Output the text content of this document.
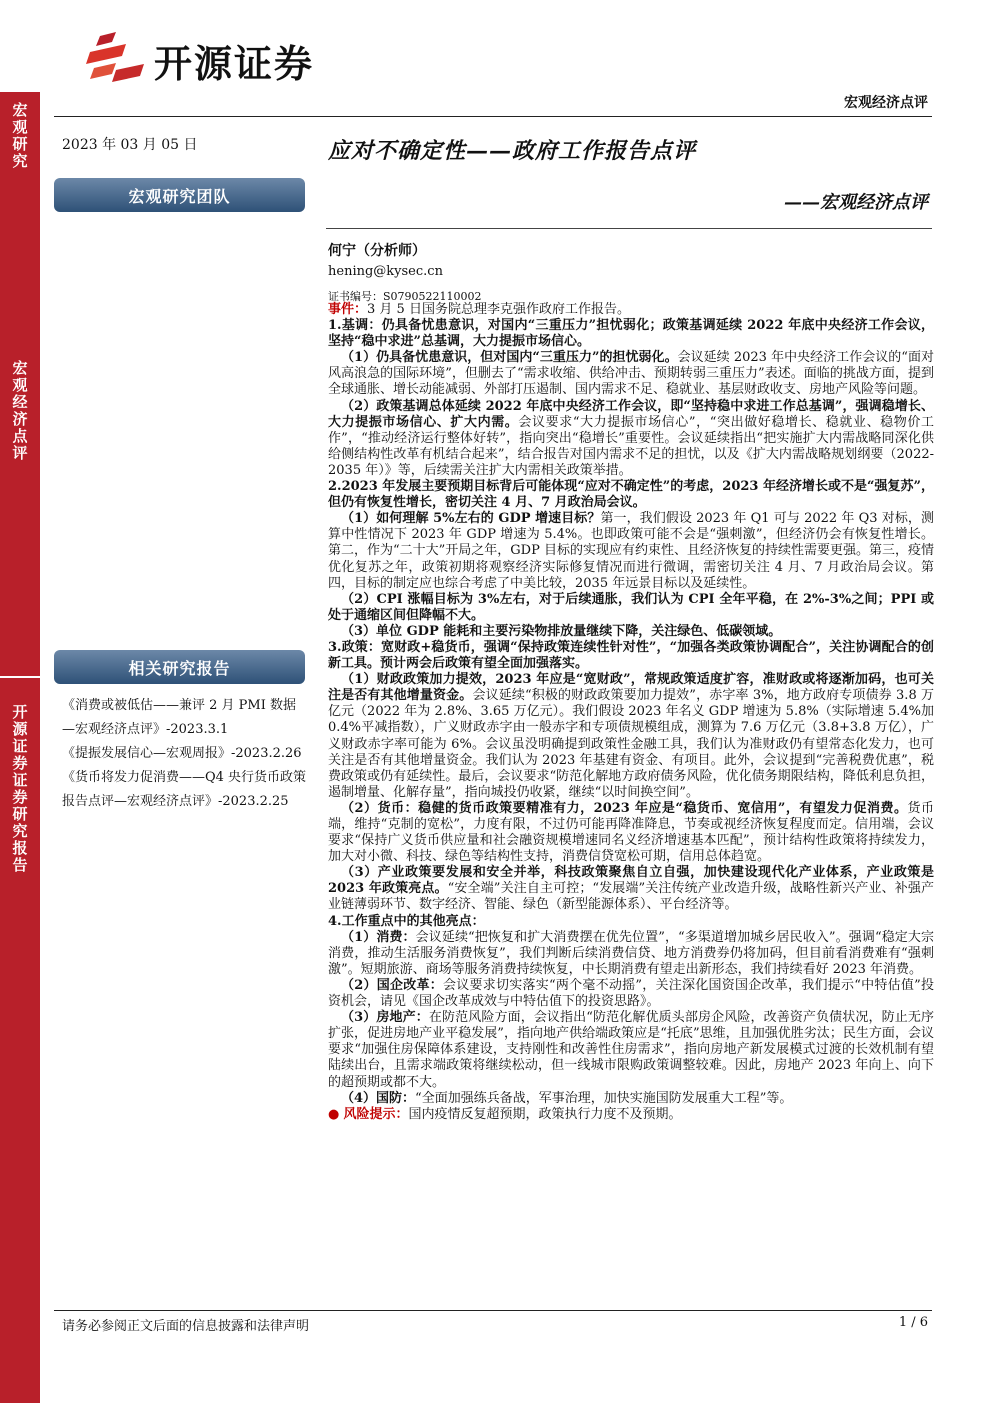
宏观研究
宏观经济点评
开源证券 证券研究报告
开源证券
宏观经济点评
2023 年 03 月 05 日	应对不确定性——政府工作报告点评
——宏观经济点评
宏观研究团队
何宁（分析师）
hening@kysec.cn
证书编号：S0790522110002
相关研究报告
《消费或被低估——兼评 2 月 PMI 数据—宏观经济点评》-2023.3.1
《提振发展信心—宏观周报》-2023.2.26
《货币将发力促消费——Q4 央行货币政策报告点评—宏观经济点评》-2023.2.25

事件：3 月 5 日国务院总理李克强作政府工作报告。

1.基调：仍具备忧患意识，对国内“三重压力”担忧弱化；政策基调延续 2022 年底中央经济工作会议，坚持“稳中求进”总基调，大力提振市场信心。

（1）仍具备忧患意识，但对国内“三重压力”的担忧弱化。会议延续 2023 年中央经济工作会议的“面对风高浪急的国际环境”，但删去了“需求收缩、供给冲击、预期转弱三重压力”表述。面临的挑战方面，提到全球通胀、增长动能减弱、外部打压遏制、国内需求不足、稳就业、基层财政收支、房地产风险等问题。

（2）政策基调总体延续 2022 年底中央经济工作会议，即“坚持稳中求进工作总基调”，强调稳增长、大力提振市场信心、扩大内需。会议要求“大力提振市场信心”，“突出做好稳增长、稳就业、稳物价工作”，“推动经济运行整体好转”，指向突出“稳增长”重要性。会议延续指出“把实施扩大内需战略同深化供给侧结构性改革有机结合起来”，结合报告对国内需求不足的担忧，以及《扩大内需战略规划纲要（2022-2035 年）》等，后续需关注扩大内需相关政策举措。

2.2023 年发展主要预期目标背后可能体现“应对不确定性”的考虑，2023 年经济增长或不是“强复苏”，但仍有恢复性增长，密切关注 4 月、7 月政治局会议。

（1）如何理解 5%左右的 GDP 增速目标？第一，我们假设 2023 年 Q1 可与 2022 年 Q3 对标，测算中性情况下 2023 年 GDP 增速为 5.4%。也即政策可能不会是“强刺激”，但经济仍会有恢复性增长。第二，作为“二十大”开局之年，GDP 目标的实现应有约束性、且经济恢复的持续性需要更强。第三，疫情优化复苏之年，政策初期将观察经济实际修复情况而进行微调，需密切关注 4 月、7 月政治局会议。第四，目标的制定应也综合考虑了中美比较，2035 年远景目标以及延续性。

（2）CPI 涨幅目标为 3%左右，对于后续通胀，我们认为 CPI 全年平稳，在 2%-3%之间；PPI 或处于通缩区间但降幅不大。

（3）单位 GDP 能耗和主要污染物排放量继续下降，关注绿色、低碳领域。

3.政策：宽财政+稳货币，强调“保持政策连续性针对性”，“加强各类政策协调配合”，关注协调配合的创新工具。预计两会后政策有望全面加强落实。

（1）财政政策加力提效，2023 年应是“宽财政”，常规政策适度扩容，准财政或将逐渐加码，也可关注是否有其他增量资金。会议延续“积极的财政政策要加力提效”，赤字率 3%，地方政府专项债券 3.8 万亿元（2022 年为 2.8%、3.65 万亿元）。我们假设 2023 年名义 GDP 增速为 5.8%（实际增速 5.4%加 0.4%平减指数），广义财政赤字由一般赤字和专项债规模组成，测算为 7.6 万亿元（3.8+3.8 万亿），广义财政赤字率可能为 6%。会议虽没明确提到政策性金融工具，我们认为准财政仍有望常态化发力，也可关注是否有其他增量资金。我们认为 2023 年基建有资金、有项目。此外，会议提到“完善税费优惠”，税费政策或仍有延续性。最后，会议要求“防范化解地方政府债务风险，优化债务期限结构，降低利息负担，遏制增量、化解存量”，指向城投仍收紧，继续“以时间换空间”。

（2）货币：稳健的货币政策要精准有力，2023 年应是“稳货币、宽信用”，有望发力促消费。货币端，维持“克制的宽松”，力度有限，不过仍可能再降准降息，节奏或视经济恢复程度而定。信用端，会议要求“保持广义货币供应量和社会融资规模增速同名义经济增速基本匹配”，预计结构性政策将持续发力，加大对小微、科技、绿色等结构性支持，消费信贷宽松可期，信用总体趋宽。

（3）产业政策要发展和安全并举，科技政策聚焦自立自强，加快建设现代化产业体系，产业政策是 2023 年政策亮点。“安全端”关注自主可控；“发展端”关注传统产业改造升级，战略性新兴产业、补强产业链薄弱环节、数字经济、智能、绿色（新型能源体系）、平台经济等。

4.工作重点中的其他亮点：

（1）消费：会议延续“把恢复和扩大消费摆在优先位置”，“多渠道增加城乡居民收入”。强调“稳定大宗消费，推动生活服务消费恢复”，我们判断后续消费信贷、地方消费券仍将加码，但目前看消费难有“强刺激”。短期旅游、商场等服务消费持续恢复，中长期消费有望走出新形态，我们持续看好 2023 年消费。

（2）国企改革：会议要求切实落实“两个毫不动摇”，关注深化国资国企改革，我们提示“中特估值”投资机会，请见《国企改革成效与中特估值下的投资思路》。

（3）房地产：在防范风险方面，会议指出“防范化解优质头部房企风险，改善资产负债状况，防止无序扩张，促进房地产业平稳发展”，指向地产供给端政策应是“托底”思维，且加强优胜劣汰；民生方面，会议要求“加强住房保障体系建设，支持刚性和改善性住房需求”，指向房地产新发展模式过渡的长效机制有望陆续出台，且需求端政策将继续松动，但一线城市限购政策调整较难。因此，房地产 2023 年向上、向下的超预期或都不大。

（4）国防：“全面加强练兵备战，军事治理，加快实施国防发展重大工程”等。

● 风险提示：国内疫情反复超预期，政策执行力度不及预期。

请务必参阅正文后面的信息披露和法律声明	1 / 6
